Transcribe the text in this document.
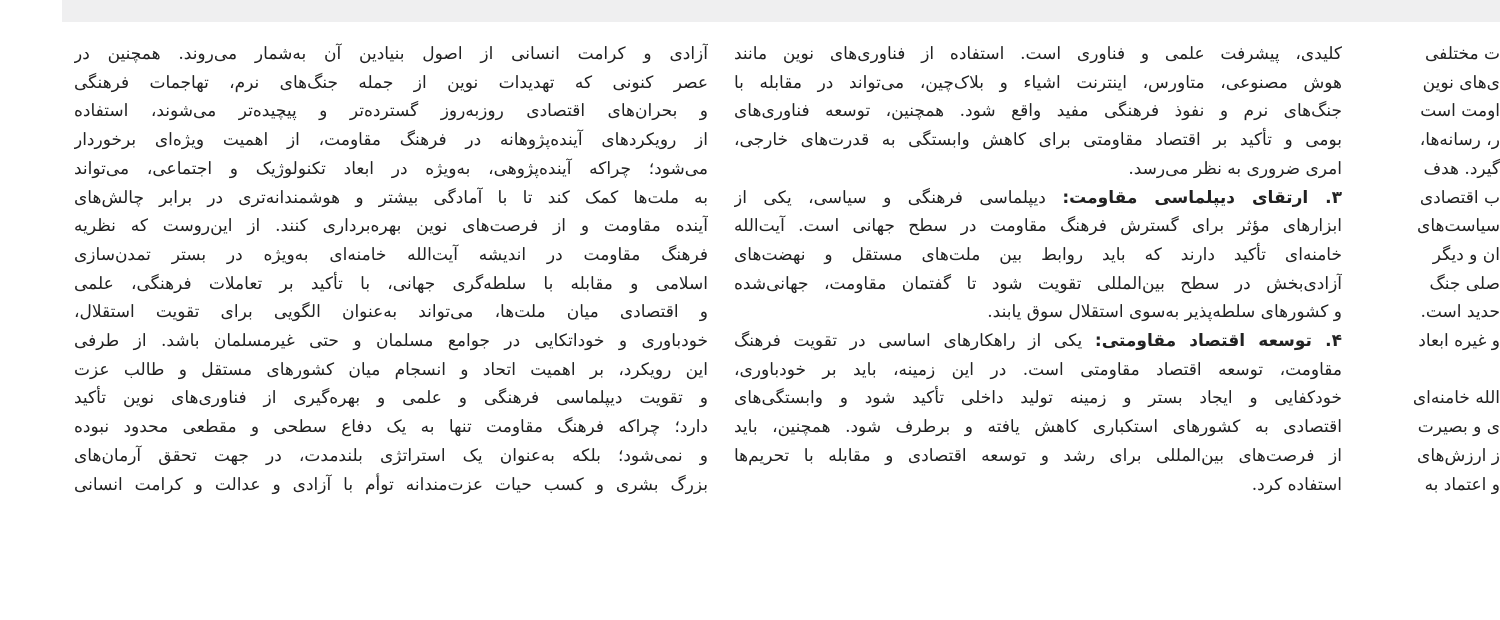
ت مختلفی
ی‌های نوین
اومت است
ر، رسانه‌ها،
گیرد. هدف
ب اقتصادی
سیاست‌های
ان و دیگر
صلی جنگ
حدید است.
و غیره ابعاد

الله خامنه‌ای
ی و بصیرت
ز ارزش‌های
و اعتماد به
کلیدی، پیشرفت علمی و فناوری است. استفاده از فناوری‌های نوین مانند
هوش مصنوعی، متاورس، اینترنت اشیاء و بلاک‌چین، می‌تواند در مقابله با
جنگ‌های نرم و نفوذ فرهنگی مفید واقع شود. همچنین، توسعه فناوری‌های
بومی و تأکید بر اقتصاد مقاومتی برای کاهش وابستگی به قدرت‌های خارجی،
امری ضروری به نظر می‌رسد.
۳. ارتقای دیپلماسی مقاومت: دیپلماسی فرهنگی و سیاسی، یکی از
ابزارهای مؤثر برای گسترش فرهنگ مقاومت در سطح جهانی است. آیت‌الله
خامنه‌ای تأکید دارند که باید روابط بین ملت‌های مستقل و نهضت‌های
آزادی‌بخش در سطح بین‌المللی تقویت شود تا گفتمان مقاومت، جهانی‌شده
و کشورهای سلطه‌پذیر به‌سوی استقلال سوق یابند.
۴. توسعه اقتصاد مقاومتی: یکی از راهکارهای اساسی در تقویت فرهنگ
مقاومت، توسعه اقتصاد مقاومتی است. در این زمینه، باید بر خودباوری،
خودکفایی و ایجاد بستر و زمینه تولید داخلی تأکید شود و وابستگی‌های
اقتصادی به کشورهای استکباری کاهش یافته و برطرف شود. همچنین، باید
از فرصت‌های بین‌المللی برای رشد و توسعه اقتصادی و مقابله با تحریم‌ها
استفاده کرد.
آزادی و کرامت انسانی از اصول بنیادین آن به‌شمار می‌روند. همچنین در
عصر کنونی که تهدیدات نوین از جمله جنگ‌های نرم، تهاجمات فرهنگی
و بحران‌های اقتصادی روزبه‌روز گسترده‌تر و پیچیده‌تر می‌شوند، استفاده
از رویکردهای آینده‌پژوهانه در فرهنگ مقاومت، از اهمیت ویژه‌ای برخوردار
می‌شود؛ چراکه آینده‌پژوهی، به‌ویژه در ابعاد تکنولوژیک و اجتماعی، می‌تواند
به ملت‌ها کمک کند تا با آمادگی بیشتر و هوشمندانه‌تری در برابر چالش‌های
آینده مقاومت و از فرصت‌های نوین بهره‌برداری کنند. از این‌روست که نظریه
فرهنگ مقاومت در اندیشه آیت‌الله خامنه‌ای به‌ویژه در بستر تمدن‌سازی
اسلامی و مقابله با سلطه‌گری جهانی، با تأکید بر تعاملات فرهنگی، علمی
و اقتصادی میان ملت‌ها، می‌تواند به‌عنوان الگویی برای تقویت استقلال،
خودباوری و خوداتکایی در جوامع مسلمان و حتی غیرمسلمان باشد. از طرفی
این رویکرد، بر اهمیت اتحاد و انسجام میان کشورهای مستقل و طالب عزت
و تقویت دیپلماسی فرهنگی و علمی و بهره‌گیری از فناوری‌های نوین تأکید
دارد؛ چراکه فرهنگ مقاومت تنها به یک دفاع سطحی و مقطعی محدود نبوده
و نمی‌شود؛ بلکه به‌عنوان یک استراتژی بلندمدت، در جهت تحقق آرمان‌های
بزرگ بشری و کسب حیات عزت‌مندانه توأم با آزادی و عدالت و کرامت انسانی
